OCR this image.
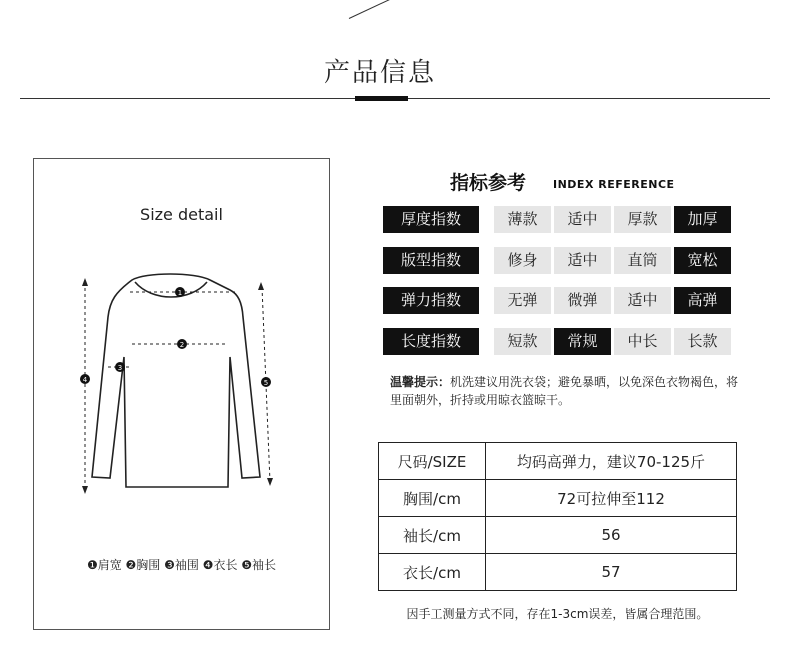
产品信息
Size detail
1
2
3
4	5
❶肩宽 ❷胸围 ❸袖围 ❹衣长 ❺袖长
指标参考 INDEX REFERENCE
厚度指数	薄款	适中	厚款	加厚
版型指数	修身	适中	直筒	宽松
弹力指数	无弹	微弹	适中	高弹
长度指数	短款	常规	中长	长款
温馨提示：机洗建议用洗衣袋；避免暴晒，以免深色衣物褐色，将里面朝外，折持或用晾衣篮晾干。
尺码/SIZE	均码高弹力，建议70-125斤
胸围/cm	72可拉伸至112
袖长/cm	56
衣长/cm	57
因手工测量方式不同，存在1-3cm误差，皆属合理范围。
